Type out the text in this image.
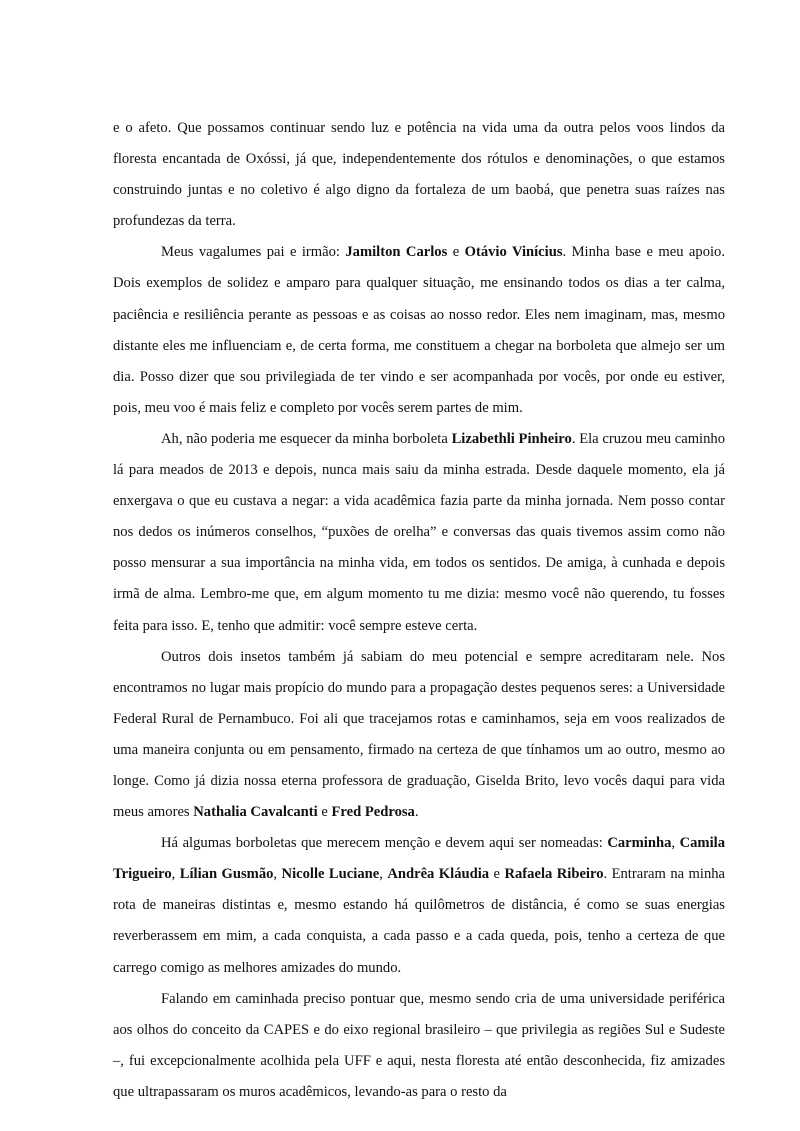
e o afeto. Que possamos continuar sendo luz e potência na vida uma da outra pelos voos lindos da floresta encantada de Oxóssi, já que, independentemente dos rótulos e denominações, o que estamos construindo juntas e no coletivo é algo digno da fortaleza de um baobá, que penetra suas raízes nas profundezas da terra.

Meus vagalumes pai e irmão: Jamilton Carlos e Otávio Vinícius. Minha base e meu apoio. Dois exemplos de solidez e amparo para qualquer situação, me ensinando todos os dias a ter calma, paciência e resiliência perante as pessoas e as coisas ao nosso redor. Eles nem imaginam, mas, mesmo distante eles me influenciam e, de certa forma, me constituem a chegar na borboleta que almejo ser um dia. Posso dizer que sou privilegiada de ter vindo e ser acompanhada por vocês, por onde eu estiver, pois, meu voo é mais feliz e completo por vocês serem partes de mim.

Ah, não poderia me esquecer da minha borboleta Lizabethli Pinheiro. Ela cruzou meu caminho lá para meados de 2013 e depois, nunca mais saiu da minha estrada. Desde daquele momento, ela já enxergava o que eu custava a negar: a vida acadêmica fazia parte da minha jornada. Nem posso contar nos dedos os inúmeros conselhos, “puxões de orelha” e conversas das quais tivemos assim como não posso mensurar a sua importância na minha vida, em todos os sentidos. De amiga, à cunhada e depois irmã de alma. Lembro-me que, em algum momento tu me dizia: mesmo você não querendo, tu fosses feita para isso. E, tenho que admitir: você sempre esteve certa.

Outros dois insetos também já sabiam do meu potencial e sempre acreditaram nele. Nos encontramos no lugar mais propício do mundo para a propagação destes pequenos seres: a Universidade Federal Rural de Pernambuco. Foi ali que tracejamos rotas e caminhamos, seja em voos realizados de uma maneira conjunta ou em pensamento, firmado na certeza de que tínhamos um ao outro, mesmo ao longe. Como já dizia nossa eterna professora de graduação, Giselda Brito, levo vocês daqui para vida meus amores Nathalia Cavalcanti e Fred Pedrosa.

Há algumas borboletas que merecem menção e devem aqui ser nomeadas: Carminha, Camila Trigueiro, Lílian Gusmão, Nicolle Luciane, Andrêa Kláudia e Rafaela Ribeiro. Entraram na minha rota de maneiras distintas e, mesmo estando há quilômetros de distância, é como se suas energias reverberassem em mim, a cada conquista, a cada passo e a cada queda, pois, tenho a certeza de que carrego comigo as melhores amizades do mundo.

Falando em caminhada preciso pontuar que, mesmo sendo cria de uma universidade periférica aos olhos do conceito da CAPES e do eixo regional brasileiro – que privilegia as regiões Sul e Sudeste –, fui excepcionalmente acolhida pela UFF e aqui, nesta floresta até então desconhecida, fiz amizades que ultrapassaram os muros acadêmicos, levando-as para o resto da
